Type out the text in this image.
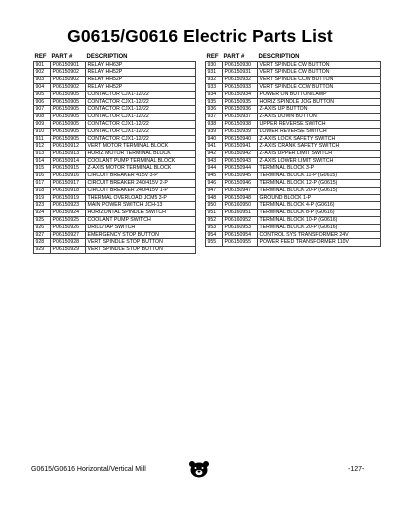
G0615/G0616 Electric Parts List
REF	PART #	DESCRIPTION
901	P06150901	RELAY HH63P
902	P06150902	RELAY HH52P
903	P06150902	RELAY HH52P
904	P06150902	RELAY HH52P
905	P06150905	CONTACTOR CJX1-12/22
906	P06150905	CONTACTOR CJX1-12/22
907	P06150905	CONTACTOR CJX1-12/22
908	P06150905	CONTACTOR CJX1-12/22
909	P06150905	CONTACTOR CJX1-12/22
910	P06150905	CONTACTOR CJX1-12/22
911	P06150905	CONTACTOR CJX1-12/22
912	P06150912	VERT MOTOR TERMINAL BLOCK
913	P06150913	HORIZ MOTOR TERMINAL BLOCK
914	P06150914	COOLANT PUMP TERMINAL BLOCK
915	P06150915	Z-AXIS MOTOR TERMINAL BLOCK
916	P06150916	CIRCUIT BREAKER 415V 3-P
917	P06150917	CIRCUIT BREAKER 240/415V 2-P
918	P06150918	CIRCUIT BREAKER 240/415V 1-P
919	P06150919	THERMAL OVERLOAD JCM5 3-P
923	P06150923	MAIN POWER SWITCH JCH-13
924	P06150924	HORIZONTAL SPINDLE SWITCH
925	P06150925	COOLANT PUMP SWITCH
926	P06150926	DRILL/TAP SWITCH
927	P06150927	EMERGENCY STOP BUTTON
928	P06150928	VERT SPINDLE STOP BUTTON
929	P06150929	VERT SPINDLE STOP BUTTON
REF	PART #	DESCRIPTION
930	P06150930	VERT SPINDLE CW BUTTON
931	P06150931	VERT SPINDLE CW BUTTON
932	P06150932	VERT SPINDLE CCW BUTTON
933	P06150933	VERT SPINDLE CCW BUTTON
934	P06150934	POWER ON BUTTON/LAMP
935	P06150935	HORIZ SPINDLE JOG BUTTON
936	P06150936	Z-AXIS UP BUTTON
937	P06150937	Z-AXIS DOWN BUTTON
938	P06150938	UPPER REVERSE SWITCH
939	P06150939	LOWER REVERSE SWITCH
940	P06150940	Z-AXIS LOCK SAFETY SWITCH
941	P06150941	Z-AXIS CRANK SAFETY SWITCH
942	P06150942	Z-AXIS UPPER LIMIT SWITCH
943	P06150943	Z-AXIS LOWER LIMIT SWITCH
944	P06150944	TERMINAL BLOCK 3-P
945	P06150945	TERMINAL BLOCK 11-P (G0615)
946	P06150946	TERMINAL BLOCK 12-P (G0615)
947	P06150947	TERMINAL BLOCK 20-P (G0615)
948	P06150948	GROUND BLOCK 1-P
950	P06160950	TERMINAL BLOCK 4-P (G0616)
951	P06160951	TERMINAL BLOCK 8-P (G0616)
952	P06160952	TERMINAL BLOCK 10-P (G0616)
953	P06160953	TERMINAL BLOCK 20-P (G0616)
954	P06150954	CONTROL SYS TRANSFORMER 24V
955	P06150955	POWER FEED TRANSFORMER 110V
G0615/G0616 Horizontal/Vertical Mill	-127-
